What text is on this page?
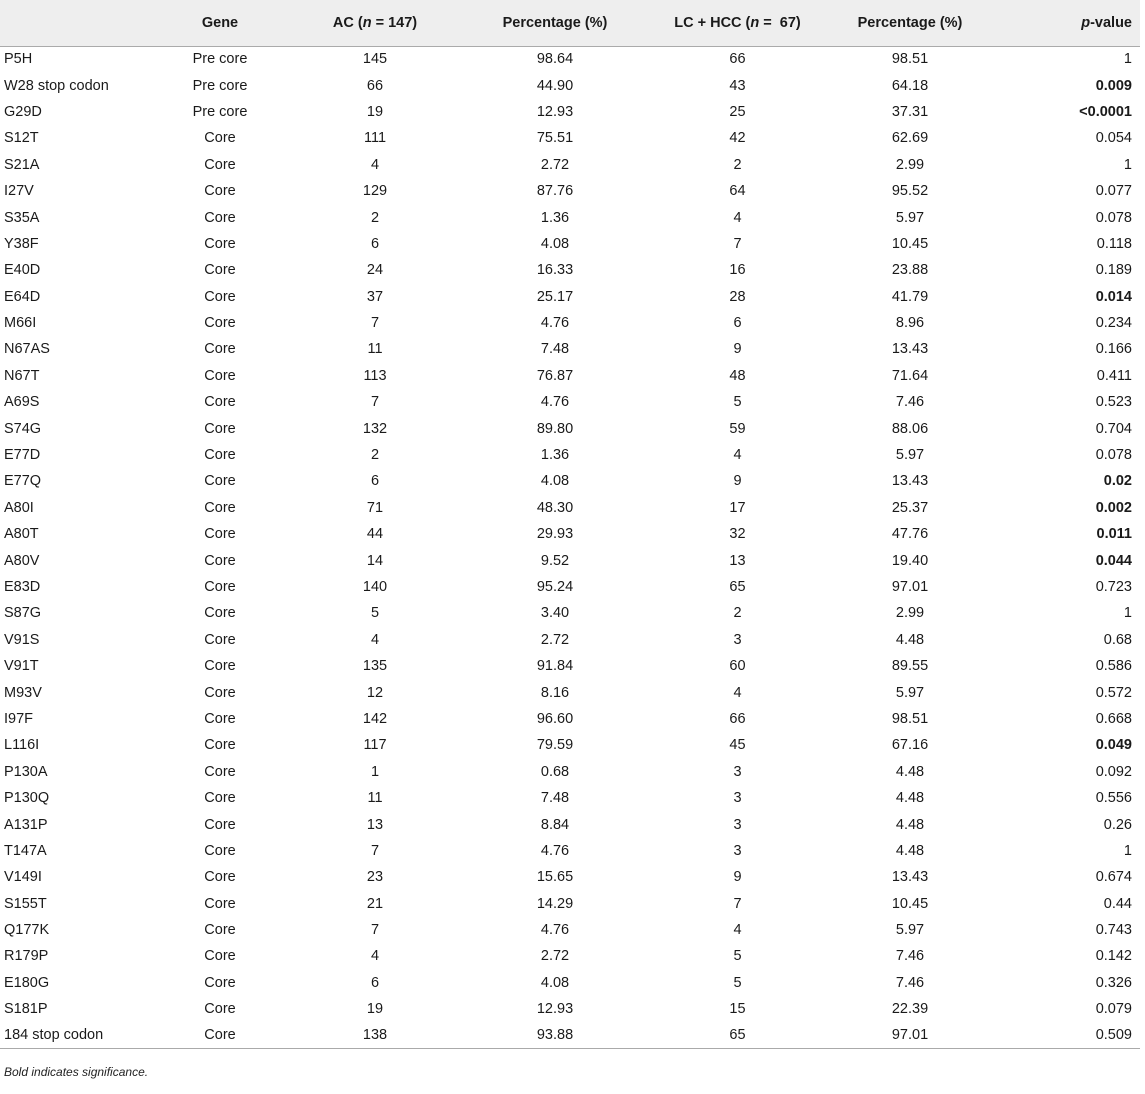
	Gene	AC (n = 147)	Percentage (%)	LC + HCC (n =  67)	Percentage (%)	p-value
P5H	Pre core	145	98.64	66	98.51	1
W28 stop codon	Pre core	66	44.90	43	64.18	0.009
G29D	Pre core	19	12.93	25	37.31	<0.0001
S12T	Core	111	75.51	42	62.69	0.054
S21A	Core	4	2.72	2	2.99	1
I27V	Core	129	87.76	64	95.52	0.077
S35A	Core	2	1.36	4	5.97	0.078
Y38F	Core	6	4.08	7	10.45	0.118
E40D	Core	24	16.33	16	23.88	0.189
E64D	Core	37	25.17	28	41.79	0.014
M66I	Core	7	4.76	6	8.96	0.234
N67AS	Core	11	7.48	9	13.43	0.166
N67T	Core	113	76.87	48	71.64	0.411
A69S	Core	7	4.76	5	7.46	0.523
S74G	Core	132	89.80	59	88.06	0.704
E77D	Core	2	1.36	4	5.97	0.078
E77Q	Core	6	4.08	9	13.43	0.02
A80I	Core	71	48.30	17	25.37	0.002
A80T	Core	44	29.93	32	47.76	0.011
A80V	Core	14	9.52	13	19.40	0.044
E83D	Core	140	95.24	65	97.01	0.723
S87G	Core	5	3.40	2	2.99	1
V91S	Core	4	2.72	3	4.48	0.68
V91T	Core	135	91.84	60	89.55	0.586
M93V	Core	12	8.16	4	5.97	0.572
I97F	Core	142	96.60	66	98.51	0.668
L116I	Core	117	79.59	45	67.16	0.049
P130A	Core	1	0.68	3	4.48	0.092
P130Q	Core	11	7.48	3	4.48	0.556
A131P	Core	13	8.84	3	4.48	0.26
T147A	Core	7	4.76	3	4.48	1
V149I	Core	23	15.65	9	13.43	0.674
S155T	Core	21	14.29	7	10.45	0.44
Q177K	Core	7	4.76	4	5.97	0.743
R179P	Core	4	2.72	5	7.46	0.142
E180G	Core	6	4.08	5	7.46	0.326
S181P	Core	19	12.93	15	22.39	0.079
184 stop codon	Core	138	93.88	65	97.01	0.509
Bold indicates significance.
